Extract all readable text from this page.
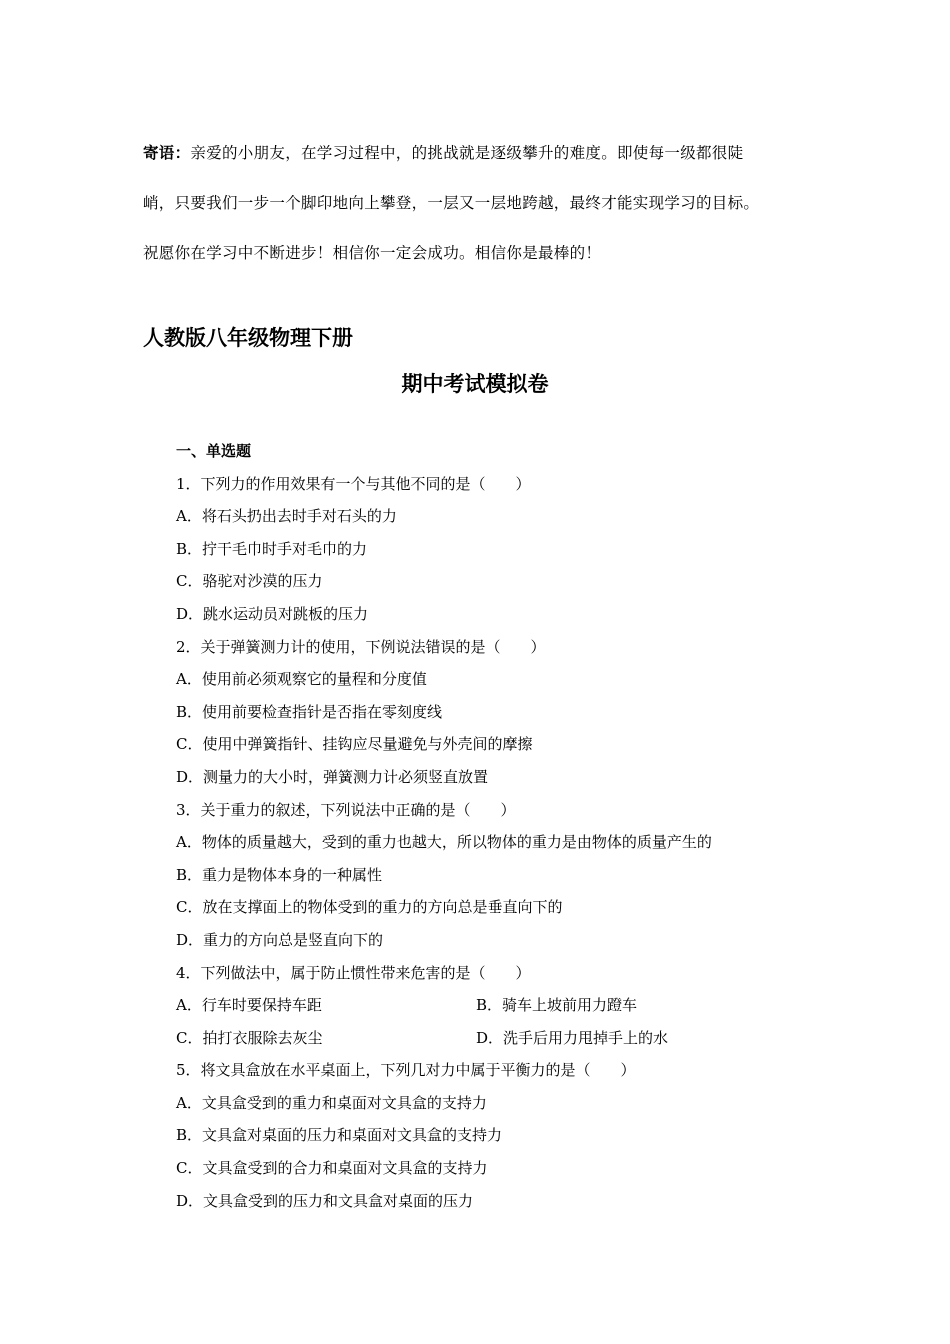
寄语：亲爱的小朋友，在学习过程中，的挑战就是逐级攀升的难度。即使每一级都很陡
峭，只要我们一步一个脚印地向上攀登，一层又一层地跨越，最终才能实现学习的目标。
祝愿你在学习中不断进步！相信你一定会成功。相信你是最棒的！
人教版八年级物理下册
期中考试模拟卷
一、单选题
1．下列力的作用效果有一个与其他不同的是（　　）
A．将石头扔出去时手对石头的力
B．拧干毛巾时手对毛巾的力
C．骆驼对沙漠的压力
D．跳水运动员对跳板的压力
2．关于弹簧测力计的使用，下例说法错误的是（　　）
A．使用前必须观察它的量程和分度值
B．使用前要检查指针是否指在零刻度线
C．使用中弹簧指针、挂钩应尽量避免与外壳间的摩擦
D．测量力的大小时，弹簧测力计必须竖直放置
3．关于重力的叙述，下列说法中正确的是（　　）
A．物体的质量越大，受到的重力也越大，所以物体的重力是由物体的质量产生的
B．重力是物体本身的一种属性
C．放在支撑面上的物体受到的重力的方向总是垂直向下的
D．重力的方向总是竖直向下的
4．下列做法中，属于防止惯性带来危害的是（　　）
A．行车时要保持车距	B．骑车上坡前用力蹬车
C．拍打衣服除去灰尘	D．洗手后用力甩掉手上的水
5．将文具盒放在水平桌面上，下列几对力中属于平衡力的是（　　）
A．文具盒受到的重力和桌面对文具盒的支持力
B．文具盒对桌面的压力和桌面对文具盒的支持力
C．文具盒受到的合力和桌面对文具盒的支持力
D．文具盒受到的压力和文具盒对桌面的压力
